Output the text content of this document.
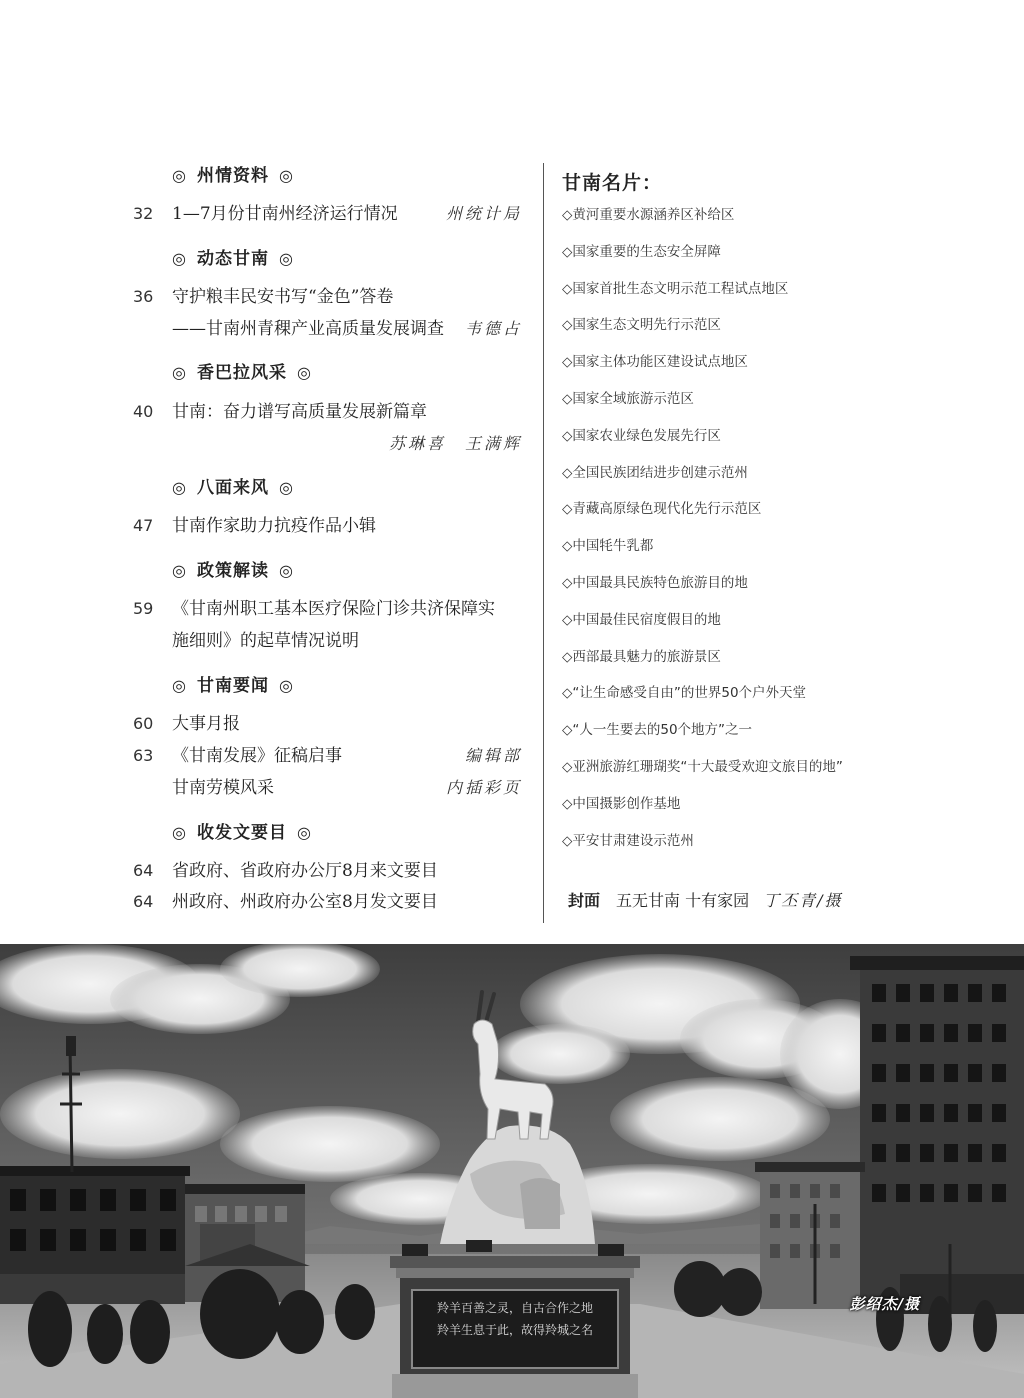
◎ 州情资料 ◎
32	1—7月份甘南州经济运行情况	州统计局
◎ 动态甘南 ◎
36	守护粮丰民安书写“金色”答卷
——甘南州青稞产业高质量发展调查 韦德占
◎ 香巴拉风采 ◎
40	甘南：奋力谱写高质量发展新篇章
苏琳喜　王满辉
◎ 八面来风 ◎
47	甘南作家助力抗疫作品小辑
◎ 政策解读 ◎
59	《甘南州职工基本医疗保险门诊共济保障实
施细则》的起草情况说明
◎ 甘南要闻 ◎
60	大事月报
63	《甘南发展》征稿启事	编辑部
甘南劳模风采	内插彩页
◎ 收发文要目 ◎
64	省政府、省政府办公厅8月来文要目
64	州政府、州政府办公室8月发文要目
甘南名片：
◇黄河重要水源涵养区补给区
◇国家重要的生态安全屏障
◇国家首批生态文明示范工程试点地区
◇国家生态文明先行示范区
◇国家主体功能区建设试点地区
◇国家全域旅游示范区
◇国家农业绿色发展先行区
◇全国民族团结进步创建示范州
◇青藏高原绿色现代化先行示范区
◇中国牦牛乳都
◇中国最具民族特色旅游目的地
◇中国最佳民宿度假目的地
◇西部最具魅力的旅游景区
◇“让生命感受自由”的世界50个户外天堂
◇“人一生要去的50个地方”之一
◇亚洲旅游红珊瑚奖“十大最受欢迎文旅目的地”
◇中国摄影创作基地
◇平安甘肃建设示范州
封面 五无甘南 十有家园 丁丕青/摄
羚羊百善之灵，自古合作之地
羚羊生息于此，故得羚城之名
彭绍杰/摄
